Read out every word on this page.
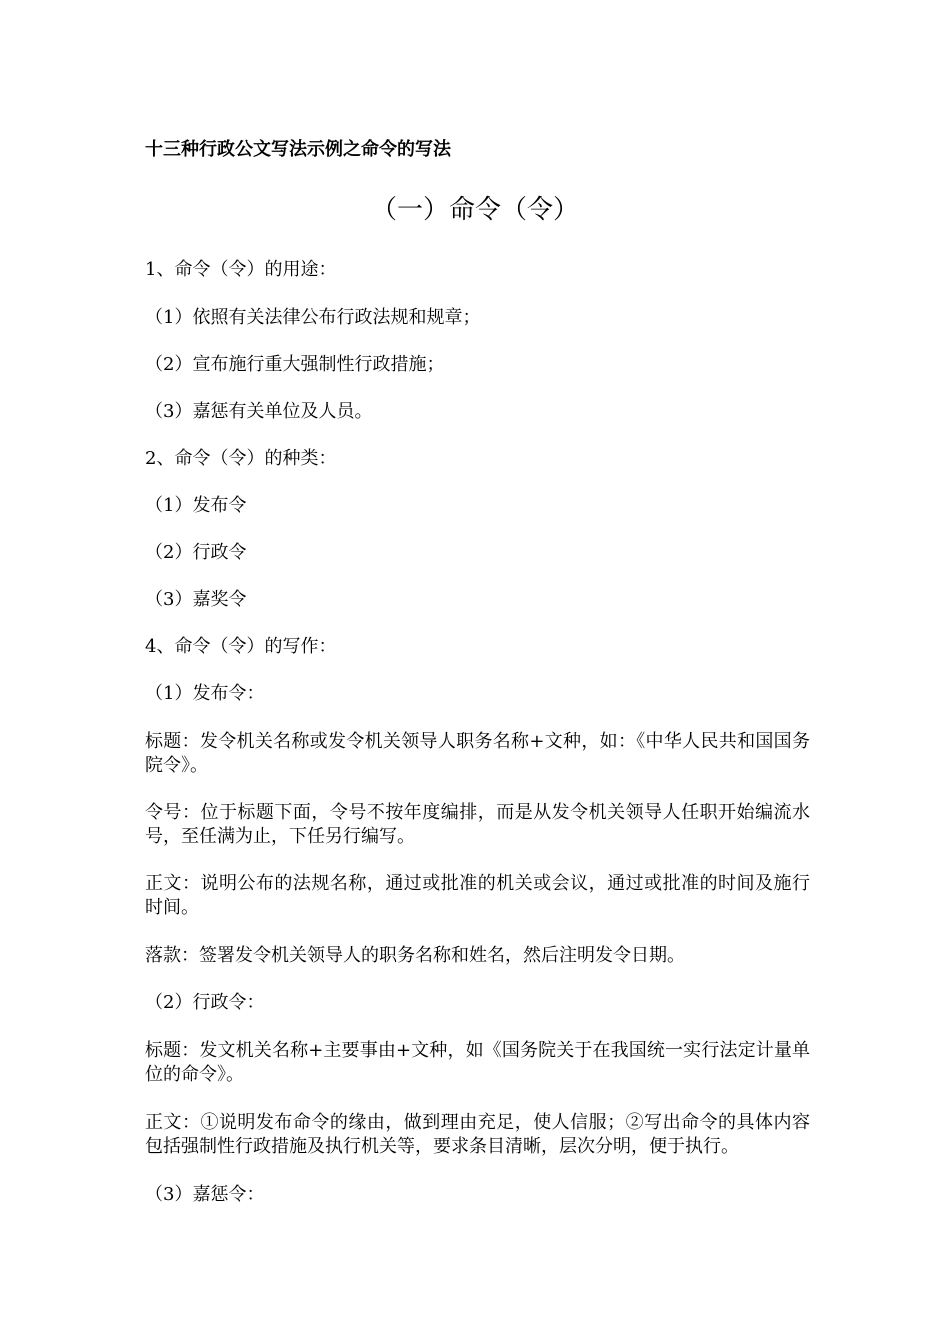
十三种行政公文写法示例之命令的写法
（一）命令（令）
1、命令（令）的用途：
（1）依照有关法律公布行政法规和规章；
（2）宣布施行重大强制性行政措施；
（3）嘉惩有关单位及人员。
2、命令（令）的种类：
（1）发布令
（2）行政令
（3）嘉奖令
4、命令（令）的写作：
（1）发布令：
标题：发令机关名称或发令机关领导人职务名称+文种，如：《中华人民共和国国务院令》。
令号：位于标题下面，令号不按年度编排，而是从发令机关领导人任职开始编流水号，至任满为止，下任另行编写。
正文：说明公布的法规名称，通过或批准的机关或会议，通过或批准的时间及施行时间。
落款：签署发令机关领导人的职务名称和姓名，然后注明发令日期。
（2）行政令：
标题：发文机关名称+主要事由+文种，如《国务院关于在我国统一实行法定计量单位的命令》。
正文：①说明发布命令的缘由，做到理由充足，使人信服；②写出命令的具体内容包括强制性行政措施及执行机关等，要求条目清晰，层次分明，便于执行。
（3）嘉惩令：
